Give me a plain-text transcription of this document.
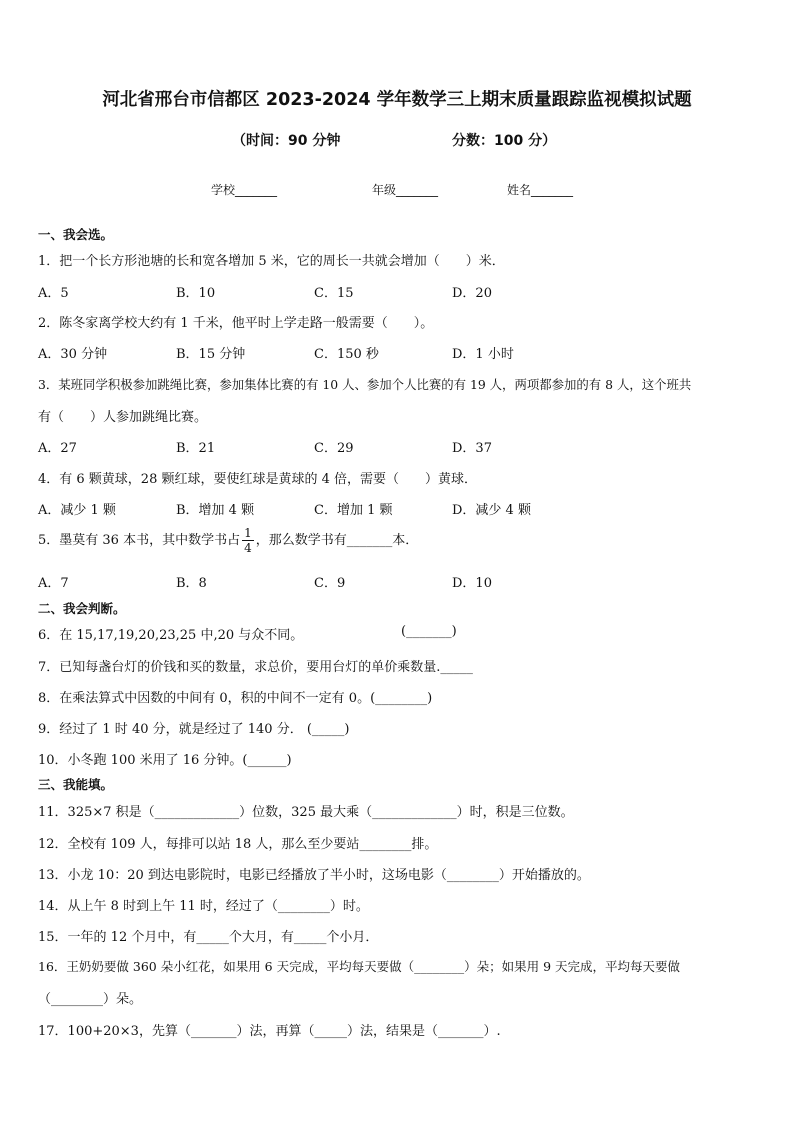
河北省邢台市信都区 2023-2024 学年数学三上期末质量跟踪监视模拟试题
（时间：90 分钟	分数：100 分）
学校_______	年级_______	姓名_______
一、我会选。
1．把一个长方形池塘的长和宽各增加 5 米，它的周长一共就会增加（　　）米．
A．5	B．10	C．15	D．20
2．陈冬家离学校大约有 1 千米，他平时上学走路一般需要（　　）。
A．30 分钟	B．15 分钟	C．150 秒	D．1 小时
3．某班同学积极参加跳绳比赛，参加集体比赛的有 10 人、参加个人比赛的有 19 人，两项都参加的有 8 人，这个班共
有（　　）人参加跳绳比赛。
A．27	B．21	C．29	D．37
4．有 6 颗黄球，28 颗红球，要使红球是黄球的 4 倍，需要（　　）黄球．
A．减少 1 颗	B．增加 4 颗	C．增加 1 颗	D．减少 4 颗
5．墨莫有 36 本书，其中数学书占 $\frac{1}{4}$ ，那么数学书有_______本．
A．7	B．8	C．9	D．10
二、我会判断。
6．在 15,17,19,20,23,25 中,20 与众不同。	(_______)
7．已知每盏台灯的价钱和买的数量，求总价，要用台灯的单价乘数量._____
8．在乘法算式中因数的中间有 0，积的中间不一定有 0。(________)
9．经过了 1 时 40 分，就是经过了 140 分． (_____)
10．小冬跑 100 米用了 16 分钟。(______)
三、我能填。
11．325×7 积是（_____________）位数，325 最大乘（_____________）时，积是三位数。
12．全校有 109 人，每排可以站 18 人，那么至少要站________排。
13．小龙 10：20 到达电影院时，电影已经播放了半小时，这场电影（________）开始播放的。
14．从上午 8 时到上午 11 时，经过了（________）时。
15．一年的 12 个月中，有_____个大月，有_____个小月．
16．王奶奶要做 360 朵小红花，如果用 6 天完成，平均每天要做（________）朵；如果用 9 天完成，平均每天要做
（________）朵。
17．100+20×3，先算（_______）法，再算（_____）法，结果是（_______）.
